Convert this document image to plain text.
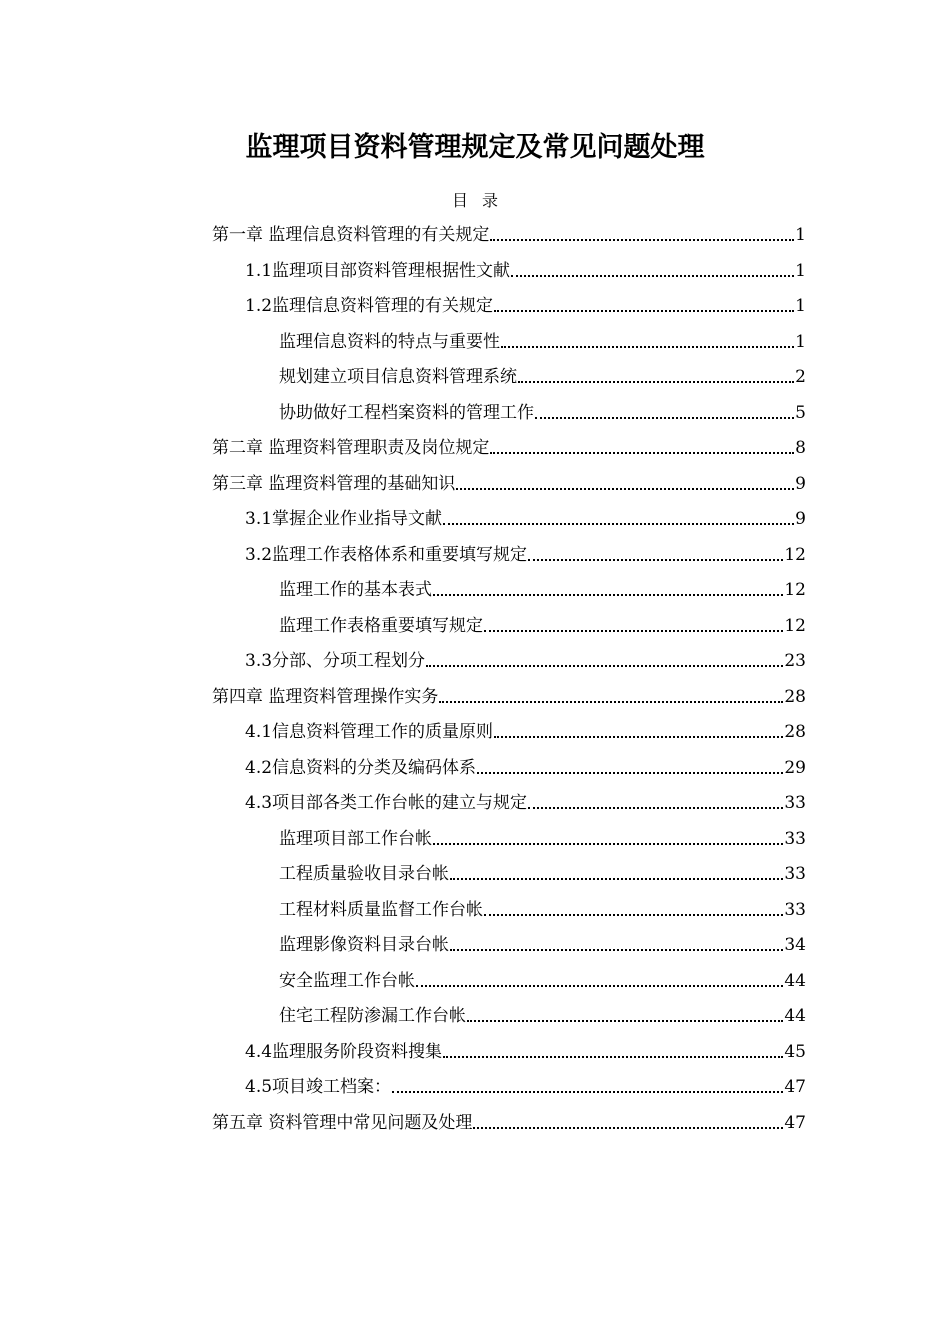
监理项目资料管理规定及常见问题处理
目录
第一章 监理信息资料管理的有关规定	1
1.1监理项目部资料管理根据性文献	1
1.2监理信息资料管理的有关规定	1
监理信息资料的特点与重要性	1
规划建立项目信息资料管理系统	2
协助做好工程档案资料的管理工作	5
第二章 监理资料管理职责及岗位规定	8
第三章 监理资料管理的基础知识	9
3.1掌握企业作业指导文献	9
3.2监理工作表格体系和重要填写规定	12
监理工作的基本表式	12
监理工作表格重要填写规定	12
3.3分部、分项工程划分	23
第四章 监理资料管理操作实务	28
4.1信息资料管理工作的质量原则	28
4.2信息资料的分类及编码体系	29
4.3项目部各类工作台帐的建立与规定	33
监理项目部工作台帐	33
工程质量验收目录台帐	33
工程材料质量监督工作台帐	33
监理影像资料目录台帐	34
安全监理工作台帐	44
住宅工程防渗漏工作台帐	44
4.4监理服务阶段资料搜集	45
4.5项目竣工档案：	47
第五章 资料管理中常见问题及处理	47
